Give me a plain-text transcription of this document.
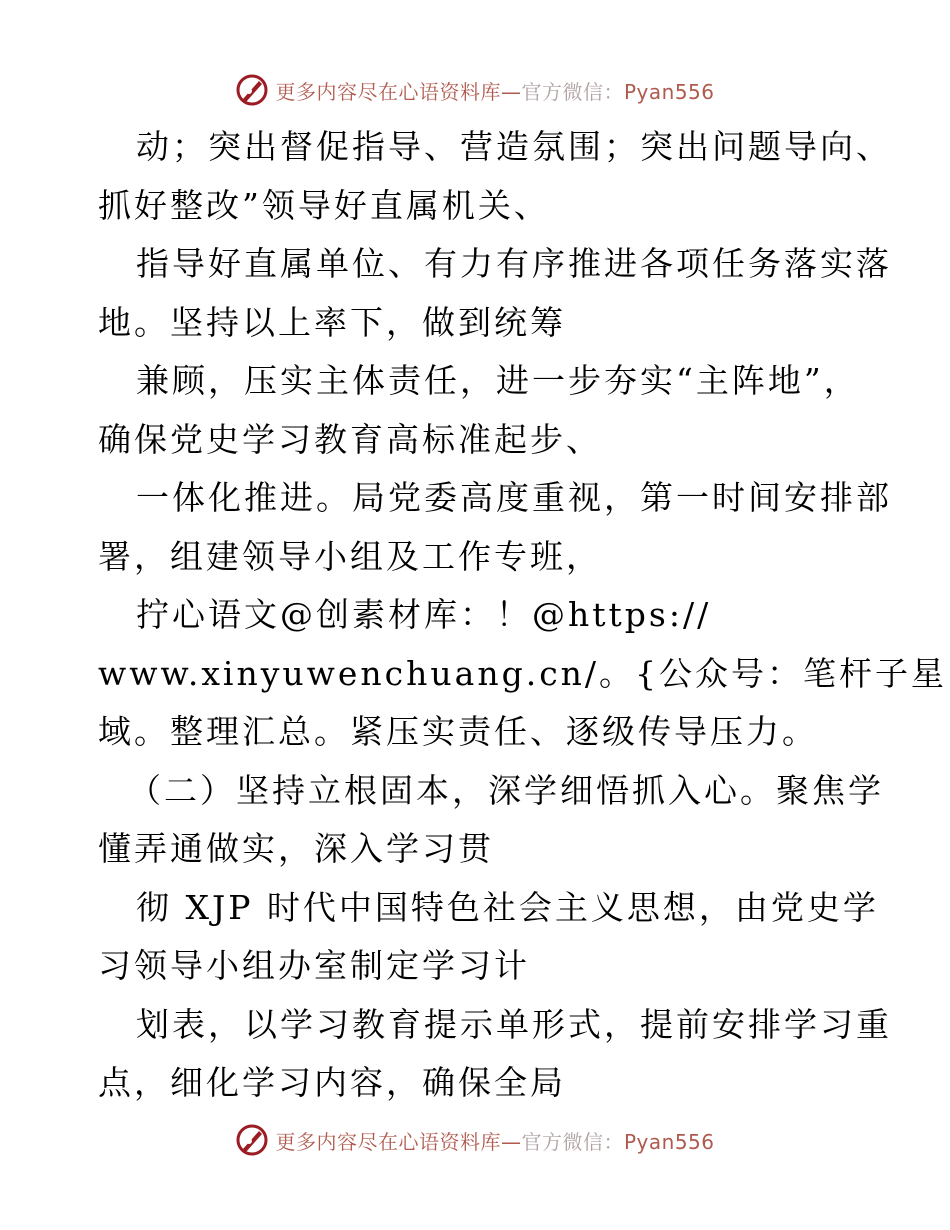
更多内容尽在心语资料库—官方微信：Pyan556
动；突出督促指导、营造氛围；突出问题导向、
抓好整改”领导好直属机关、
指导好直属单位、有力有序推进各项任务落实落
地。坚持以上率下，做到统筹
兼顾，压实主体责任，进一步夯实“主阵地”，
确保党史学习教育高标准起步、
一体化推进。局党委高度重视，第一时间安排部
署，组建领导小组及工作专班，
拧心语文@创素材库：！@https://
www.xinyuwenchuang.cn/。{公众号：笔杆子星
域。整理汇总。紧压实责任、逐级传导压力。
（二）坚持立根固本，深学细悟抓入心。聚焦学
懂弄通做实，深入学习贯
彻 XJP 时代中国特色社会主义思想，由党史学
习领导小组办室制定学习计
划表，以学习教育提示单形式，提前安排学习重
点，细化学习内容，确保全局
更多内容尽在心语资料库—官方微信：Pyan556
